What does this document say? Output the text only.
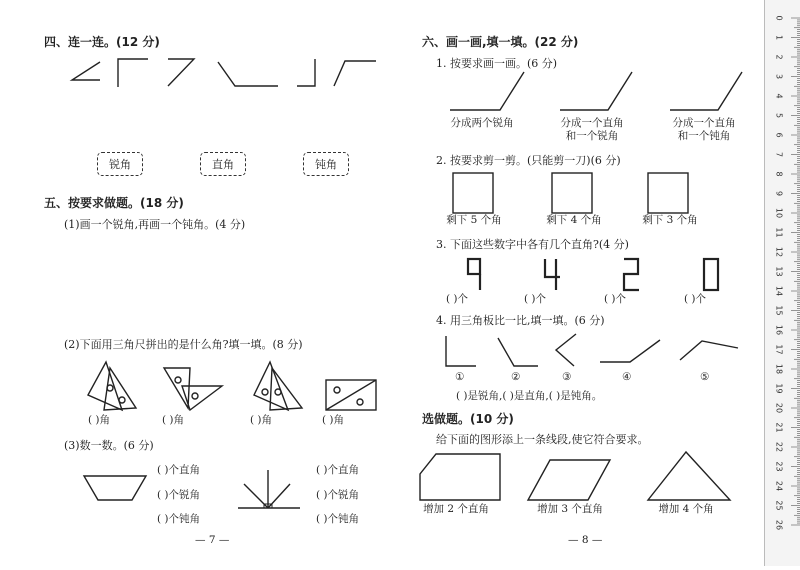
四、连一连。(12 分)
锐角	直角	钝角
五、按要求做题。(18 分)
(1)画一个锐角,再画一个钝角。(4 分)
(2)下面用三角尺拼出的是什么角?填一填。(8 分)
( )角	( )角	( )角	( )角
(3)数一数。(6 分)
( )个直角
( )个锐角
( )个钝角
( )个直角
( )个锐角
( )个钝角
— 7 —
六、画一画,填一填。(22 分)
1. 按要求画一画。(6 分)
分成两个锐角	分成一个直角
和一个锐角
分成一个直角
和一个钝角
2. 按要求剪一剪。(只能剪一刀)(6 分)
剩下 5 个角	剩下 4 个角	剩下 3 个角
3. 下面这些数字中各有几个直角?(4 分)
( )个	( )个	( )个	( )个
4. 用三角板比一比,填一填。(6 分)
①	②	③	④	⑤
( )是锐角,( )是直角,( )是钝角。
选做题。(10 分)
给下面的图形添上一条线段,使它符合要求。
增加 2 个直角	增加 3 个直角	增加 4 个角
— 8 —
0
1
2
3
4
5
6
7
8
9
10
11
12
13
14
15
16
17
18
19
20
21
22
23
24
25
26
